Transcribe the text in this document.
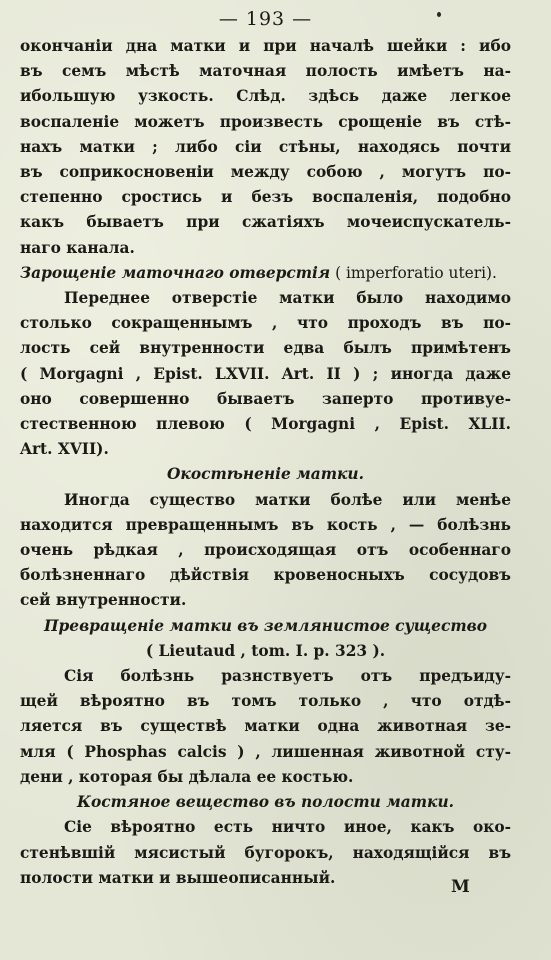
— 193 —
окончаніи дна матки и при началѣ шейки : ибо
въ семъ мѣстѣ маточная полость имѣетъ на-
ибольшую узкость. Слѣд. здѣсь даже легкое
воспаленіе можетъ произвесть срощеніе въ стѣ-
нахъ матки ; либо сіи стѣны, находясь почти
въ соприкосновеніи между собою , могутъ по-
степенно сростись и безъ воспаленія, подобно
какъ бываетъ при сжатіяхъ мочеиспускатель-
наго канала.
Зарощеніе маточнаго отверстія ( imperforatio uteri).
Переднее отверстіе матки было находимо
столько сокращеннымъ , что проходъ въ по-
лость сей внутренности едва былъ примѣтенъ
( Morgagni , Epist. LXVII. Art. II ) ; иногда даже
оно совершенно бываетъ заперто противуе-
стественною плевою ( Morgagni , Epist. XLII.
Art. XVII).
Окостѣненіе матки.
Иногда существо матки болѣе или менѣе
находится превращеннымъ въ кость , — болѣзнь
очень рѣдкая , происходящая отъ особеннаго
болѣзненнаго дѣйствія кровеносныхъ сосудовъ
сей внутренности.
Превращеніе матки въ землянистое существо
( Lieutaud , tom. I. p. 323 ).
Сія болѣзнь разнствуетъ отъ предъиду-
щей вѣроятно въ томъ только , что отдѣ-
ляется въ существѣ матки одна животная зе-
мля ( Phosphas calcis ) , лишенная животной сту-
дени , которая бы дѣлала ее костью.
Костяное вещество въ полости матки.
Сіе вѣроятно есть ничто иное, какъ око-
стенѣвшій мясистый бугорокъ, находящійся въ
полости матки и вышеописанный.	M
